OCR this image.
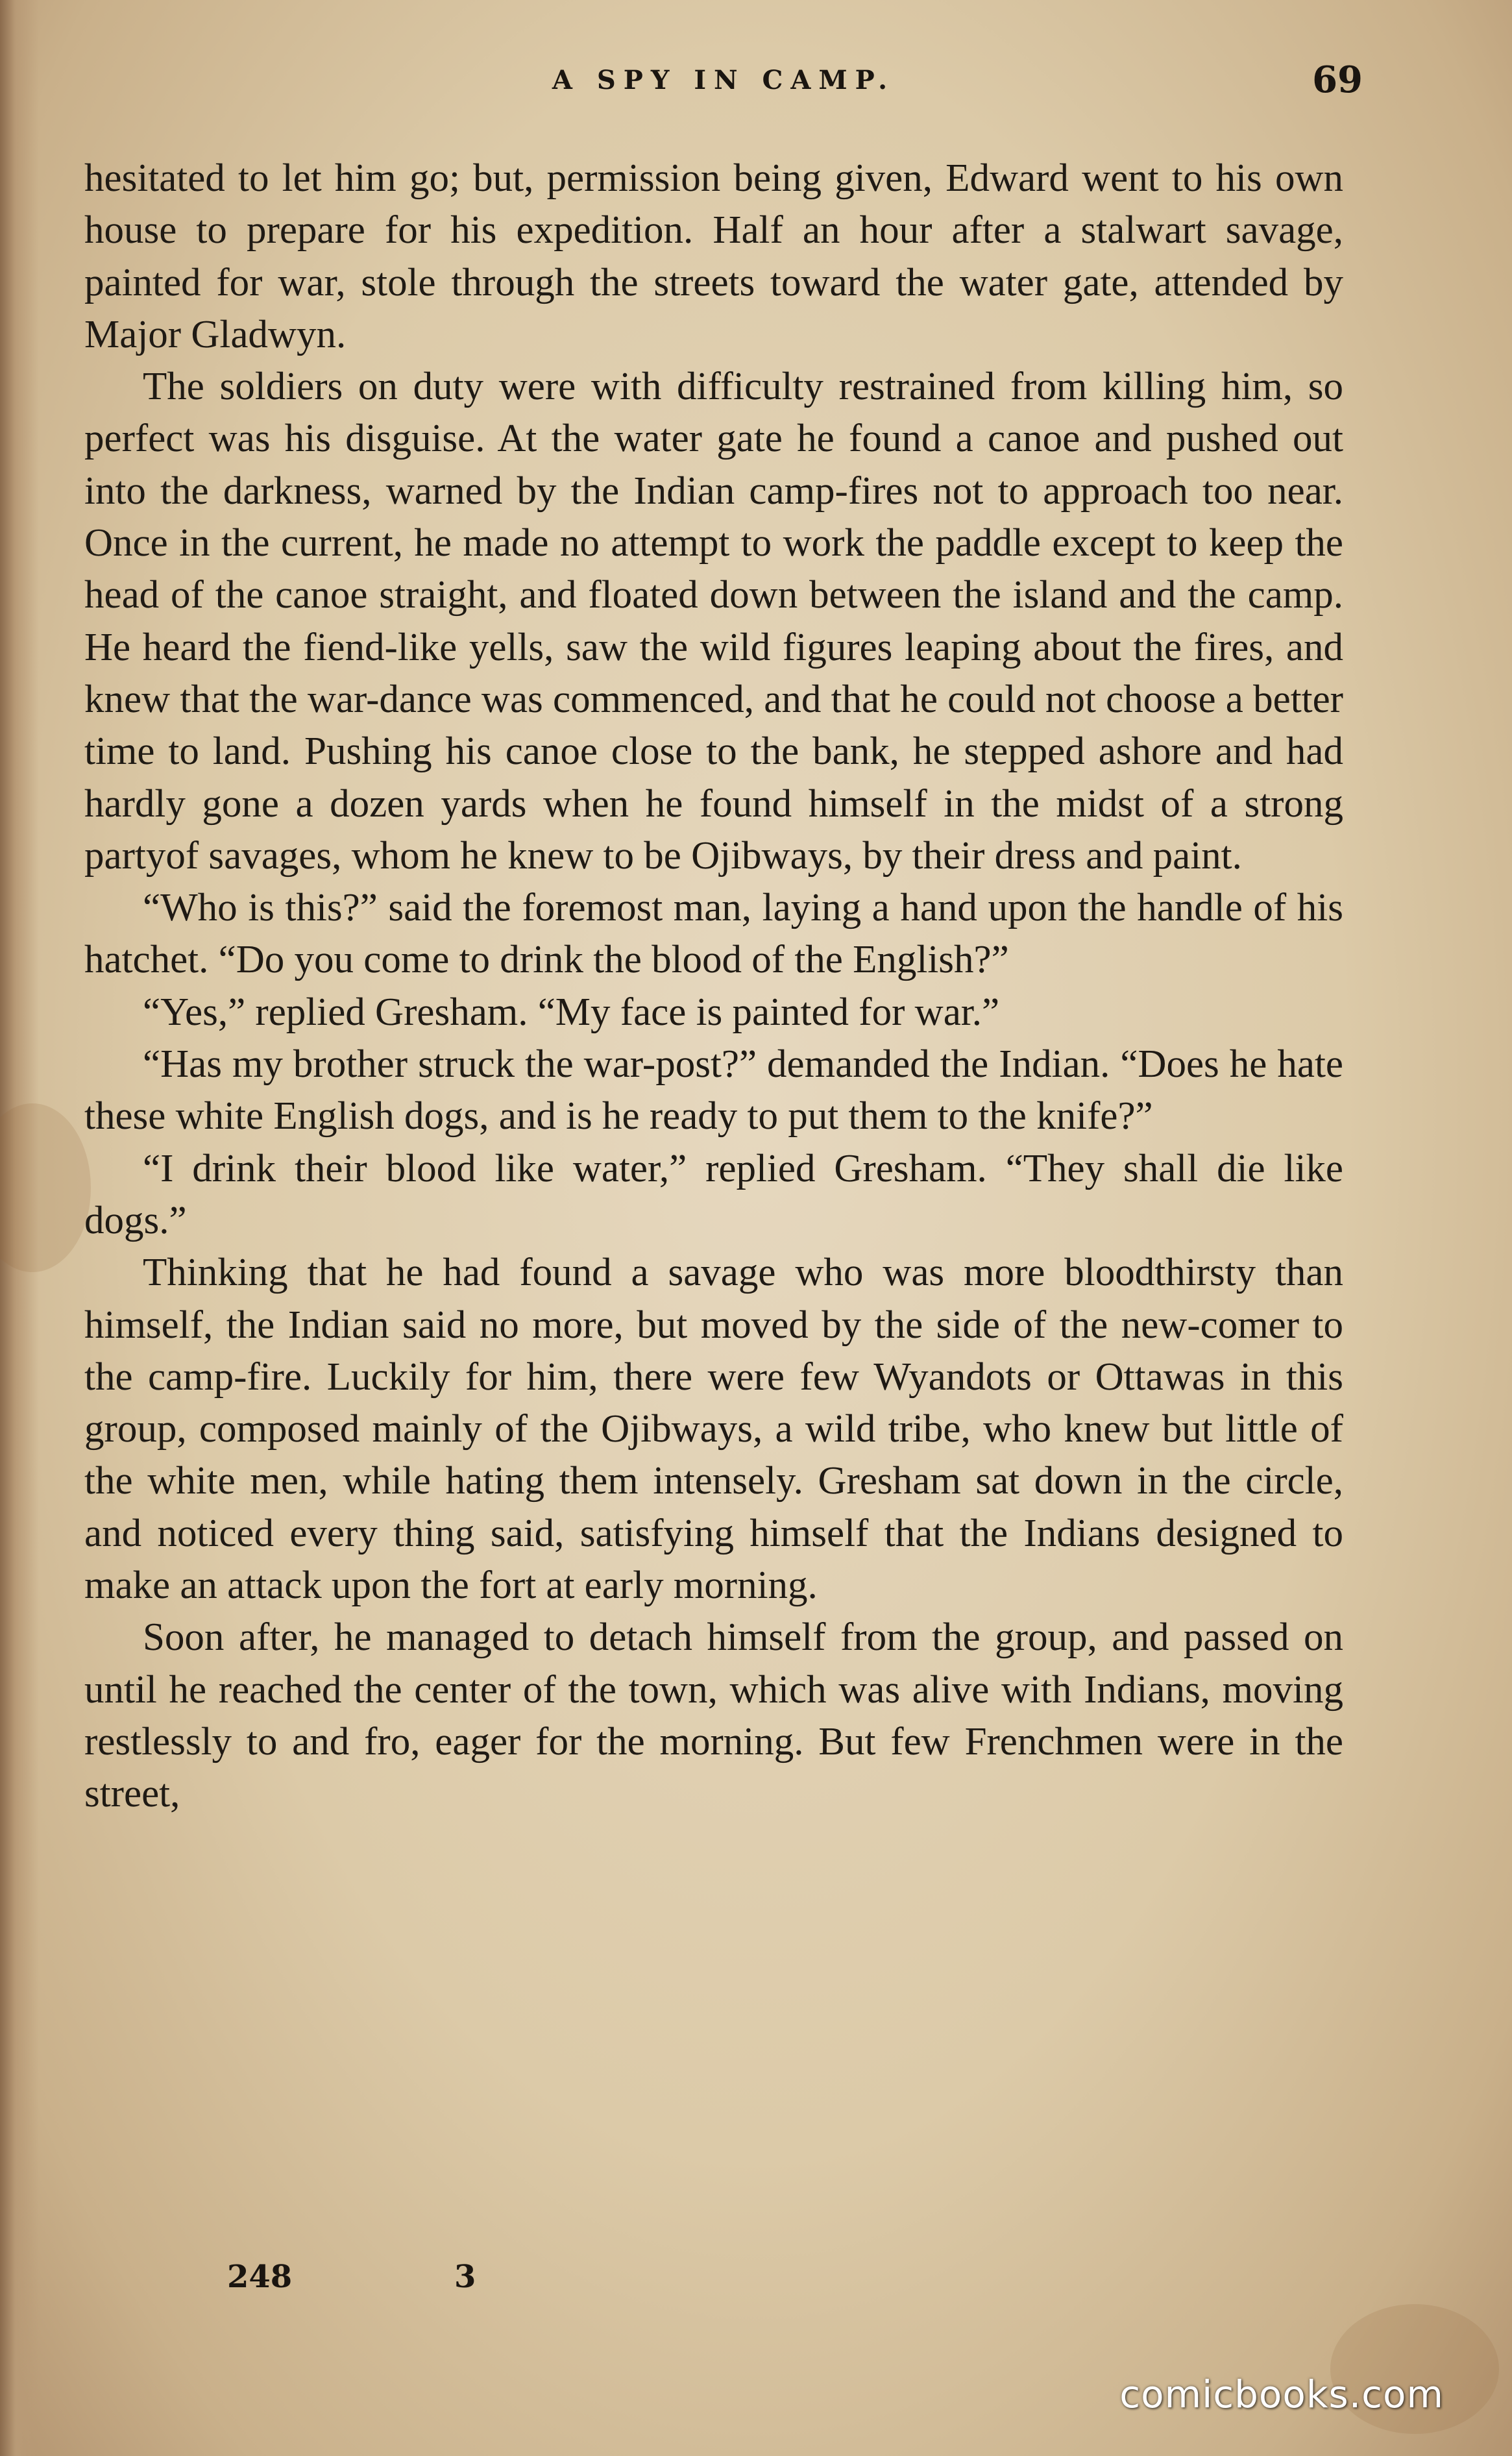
A SPY IN CAMP.	69

hesitated to let him go; but, permission being given, Edward went to his own house to prepare for his expedition. Half an hour after a stalwart savage, painted for war, stole through the streets toward the water gate, attended by Major Gladwyn.

The soldiers on duty were with difficulty restrained from killing him, so perfect was his disguise. At the water gate he found a canoe and pushed out into the darkness, warned by the Indian camp-fires not to approach too near. Once in the current, he made no attempt to work the paddle except to keep the head of the canoe straight, and floated down between the island and the camp. He heard the fiend-like yells, saw the wild figures leaping about the fires, and knew that the war-dance was commenced, and that he could not choose a better time to land. Pushing his canoe close to the bank, he stepped ashore and had hardly gone a dozen yards when he found himself in the midst of a strong partyof savages, whom he knew to be Ojibways, by their dress and paint.

“Who is this?” said the foremost man, laying a hand upon the handle of his hatchet. “Do you come to drink the blood of the English?”

“Yes,” replied Gresham. “My face is painted for war.”

“Has my brother struck the war-post?” demanded the Indian. “Does he hate these white English dogs, and is he ready to put them to the knife?”

“I drink their blood like water,” replied Gresham. “They shall die like dogs.”

Thinking that he had found a savage who was more bloodthirsty than himself, the Indian said no more, but moved by the side of the new-comer to the camp-fire. Luckily for him, there were few Wyandots or Ottawas in this group, composed mainly of the Ojibways, a wild tribe, who knew but little of the white men, while hating them intensely. Gresham sat down in the circle, and noticed every thing said, satisfying himself that the Indians designed to make an attack upon the fort at early morning.

Soon after, he managed to detach himself from the group, and passed on until he reached the center of the town, which was alive with Indians, moving restlessly to and fro, eager for the morning. But few Frenchmen were in the street,

248	3
comicbooks.com
